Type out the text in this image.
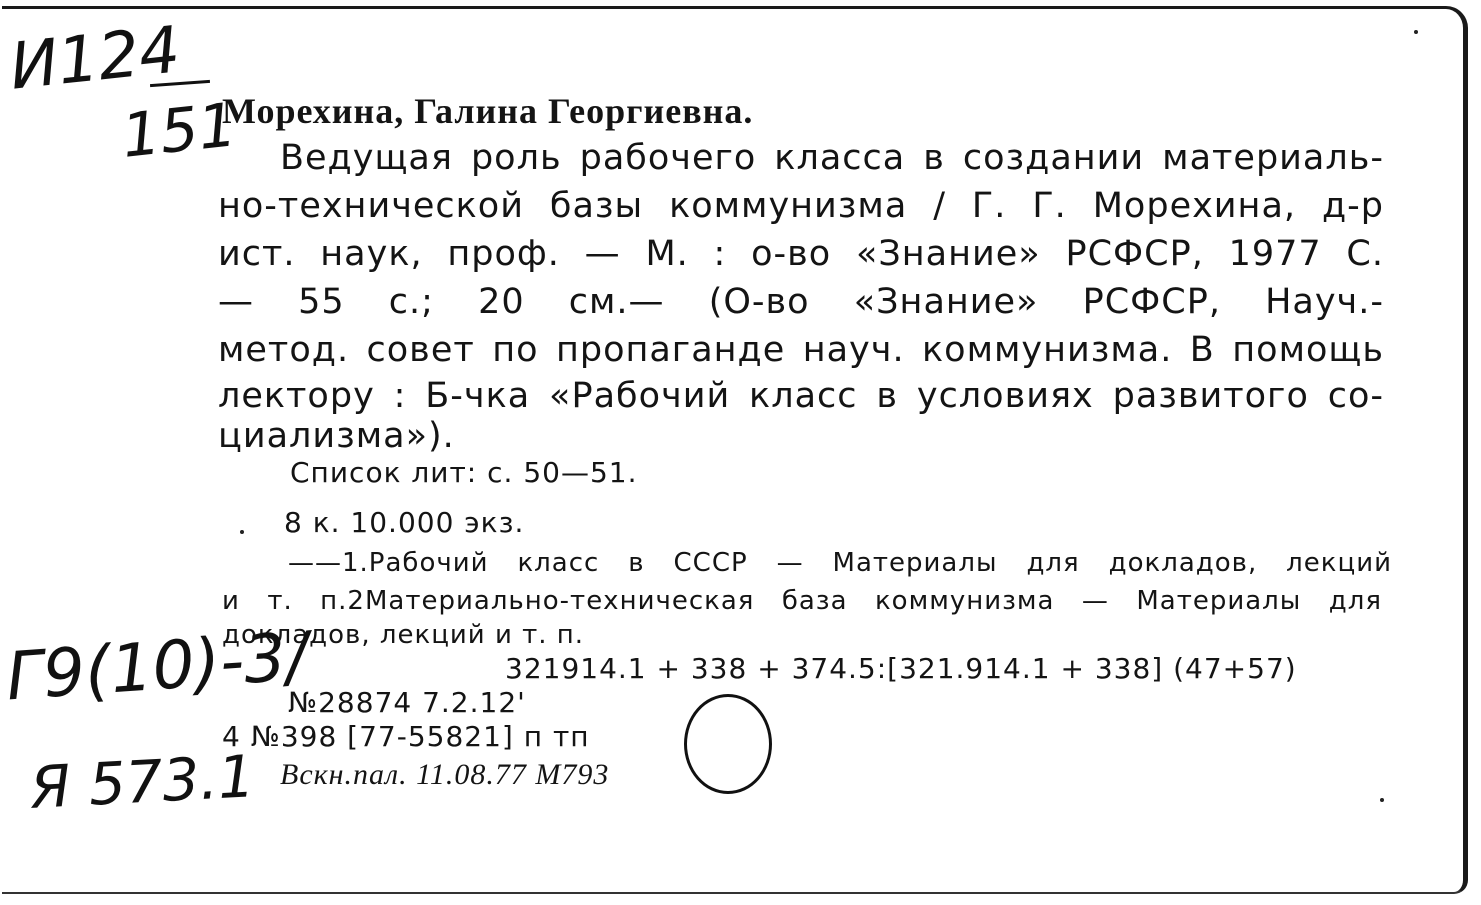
И124
151
Морехина, Галина Георгиевна.
Ведущая роль рабочего класса в создании материаль-
но-технической базы коммунизма / Г. Г. Морехина, д-р
ист. наук, проф. — М. : о-во «Знание» РСФСР, 1977 С.
— 55 с.; 20 см.— (О-во «Знание» РСФСР, Науч.-
метод. совет по пропаганде науч. коммунизма. В помощь
лектору : Б-чка «Рабочий класс в условиях развитого со-
циализма»).
Список лит: с. 50—51.
8 к. 10.000 экз.
——1.Рабочий класс в СССР — Материалы для докладов, лекций
и т. п.2Материально-техническая база коммунизма — Материалы для
докладов, лекций и т. п.
321914.1 + 338 + 374.5:[321.914.1 + 338] (47+57)
№28874 7.2.12'
4 №398 [77-55821] п тп
Вскн.пал. 11.08.77 М793
Г9(10)-3/
Я 573.1
